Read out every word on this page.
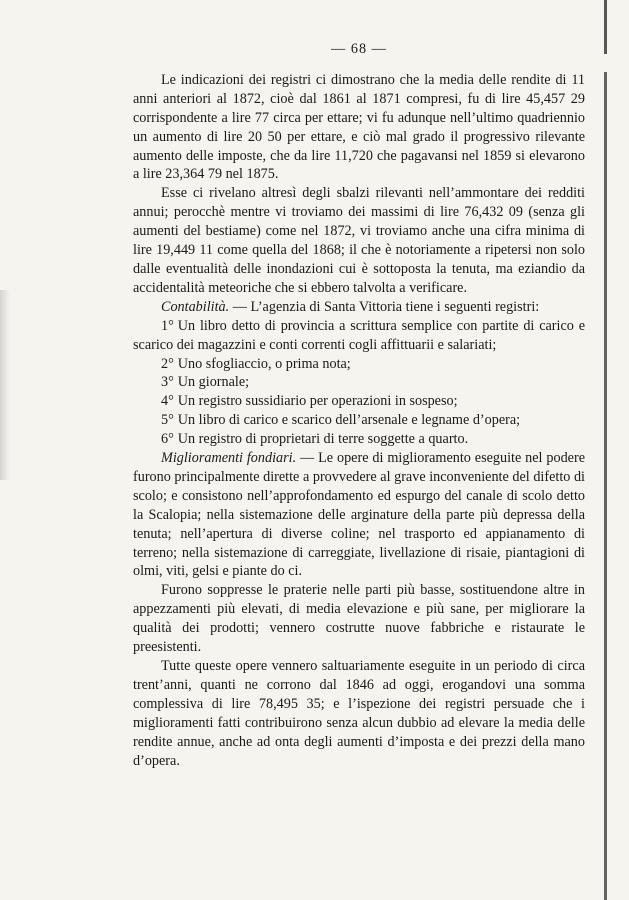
— 68 —

Le indicazioni dei registri ci dimostrano che la media delle rendite di 11 anni anteriori al 1872, cioè dal 1861 al 1871 compresi, fu di lire 45,457 29 corrispondente a lire 77 circa per ettare; vi fu adunque nell’ultimo quadriennio un aumento di lire 20 50 per ettare, e ciò mal grado il progressivo rilevante aumento delle imposte, che da lire 11,720 che pagavansi nel 1859 si elevarono a lire 23,364 79 nel 1875.

Esse ci rivelano altresì degli sbalzi rilevanti nell’ammontare dei redditi annui; perocchè mentre vi troviamo dei massimi di lire 76,432 09 (senza gli aumenti del bestiame) come nel 1872, vi troviamo anche una cifra minima di lire 19,449 11 come quella del 1868; il che è notoriamente a ripetersi non solo dalle eventualità delle inondazioni cui è sottoposta la tenuta, ma eziandio da accidentalità meteoriche che si ebbero talvolta a verificare.

Contabilità. — L’agenzia di Santa Vittoria tiene i seguenti registri:

1° Un libro detto di provincia a scrittura semplice con partite di carico e scarico dei magazzini e conti correnti cogli affittuarii e salariati;
2° Uno sfogliaccio, o prima nota;
3° Un giornale;
4° Un registro sussidiario per operazioni in sospeso;
5° Un libro di carico e scarico dell’arsenale e legname d’opera;
6° Un registro di proprietari di terre soggette a quarto.

Miglioramenti fondiari. — Le opere di miglioramento eseguite nel podere furono principalmente dirette a provvedere al grave inconveniente del difetto di scolo; e consistono nell’approfondamento ed espurgo del canale di scolo detto la Scalopia; nella sistemazione delle arginature della parte più depressa della tenuta; nell’apertura di diverse coline; nel trasporto ed appianamento di terreno; nella sistemazione di carreggiate, livellazione di risaie, piantagioni di olmi, viti, gelsi e piante do ci.

Furono soppresse le praterie nelle parti più basse, sostituendone altre in appezzamenti più elevati, di media elevazione e più sane, per migliorare la qualità dei prodotti; vennero costrutte nuove fabbriche e ristaurate le preesistenti.

Tutte queste opere vennero saltuariamente eseguite in un periodo di circa trent’anni, quanti ne corrono dal 1846 ad oggi, erogandovi una somma complessiva di lire 78,495 35; e l’ispezione dei registri persuade che i miglioramenti fatti contribuirono senza alcun dubbio ad elevare la media delle rendite annue, anche ad onta degli aumenti d’imposta e dei prezzi della mano d’opera.
